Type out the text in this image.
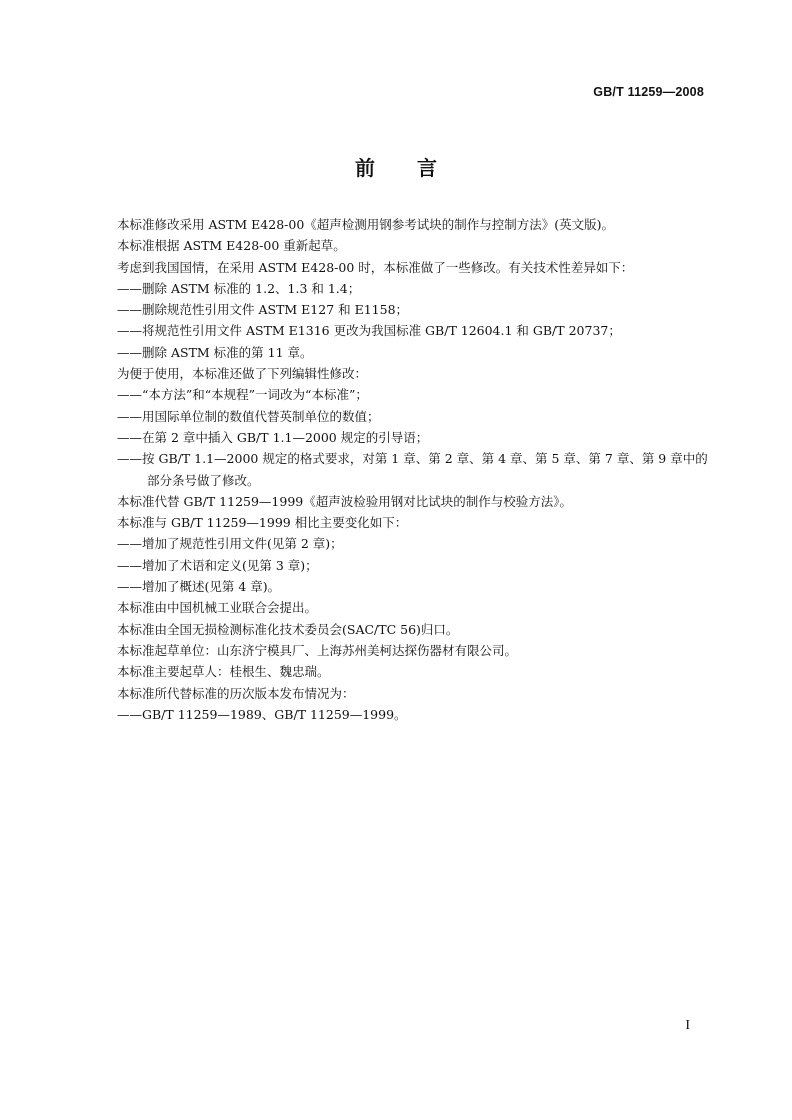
GB/T 11259—2008
前言
本标准修改采用 ASTM E428-00《超声检测用钢参考试块的制作与控制方法》(英文版)。
本标准根据 ASTM E428-00 重新起草。
考虑到我国国情，在采用 ASTM E428-00 时，本标准做了一些修改。有关技术性差异如下：
——删除 ASTM 标准的 1.2、1.3 和 1.4；
——删除规范性引用文件 ASTM E127 和 E1158；
——将规范性引用文件 ASTM E1316 更改为我国标准 GB/T 12604.1 和 GB/T 20737；
——删除 ASTM 标准的第 11 章。
为便于使用，本标准还做了下列编辑性修改：
——“本方法”和“本规程”一词改为“本标准”；
——用国际单位制的数值代替英制单位的数值；
——在第 2 章中插入 GB/T 1.1—2000 规定的引导语；
——按 GB/T 1.1—2000 规定的格式要求，对第 1 章、第 2 章、第 4 章、第 5 章、第 7 章、第 9 章中的
部分条号做了修改。
本标准代替 GB/T 11259—1999《超声波检验用钢对比试块的制作与校验方法》。
本标准与 GB/T 11259—1999 相比主要变化如下：
——增加了规范性引用文件(见第 2 章)；
——增加了术语和定义(见第 3 章)；
——增加了概述(见第 4 章)。
本标准由中国机械工业联合会提出。
本标准由全国无损检测标准化技术委员会(SAC/TC 56)归口。
本标准起草单位：山东济宁模具厂、上海苏州美柯达探伤器材有限公司。
本标准主要起草人：桂根生、魏忠瑞。
本标准所代替标准的历次版本发布情况为：
——GB/T 11259—1989、GB/T 11259—1999。
I
